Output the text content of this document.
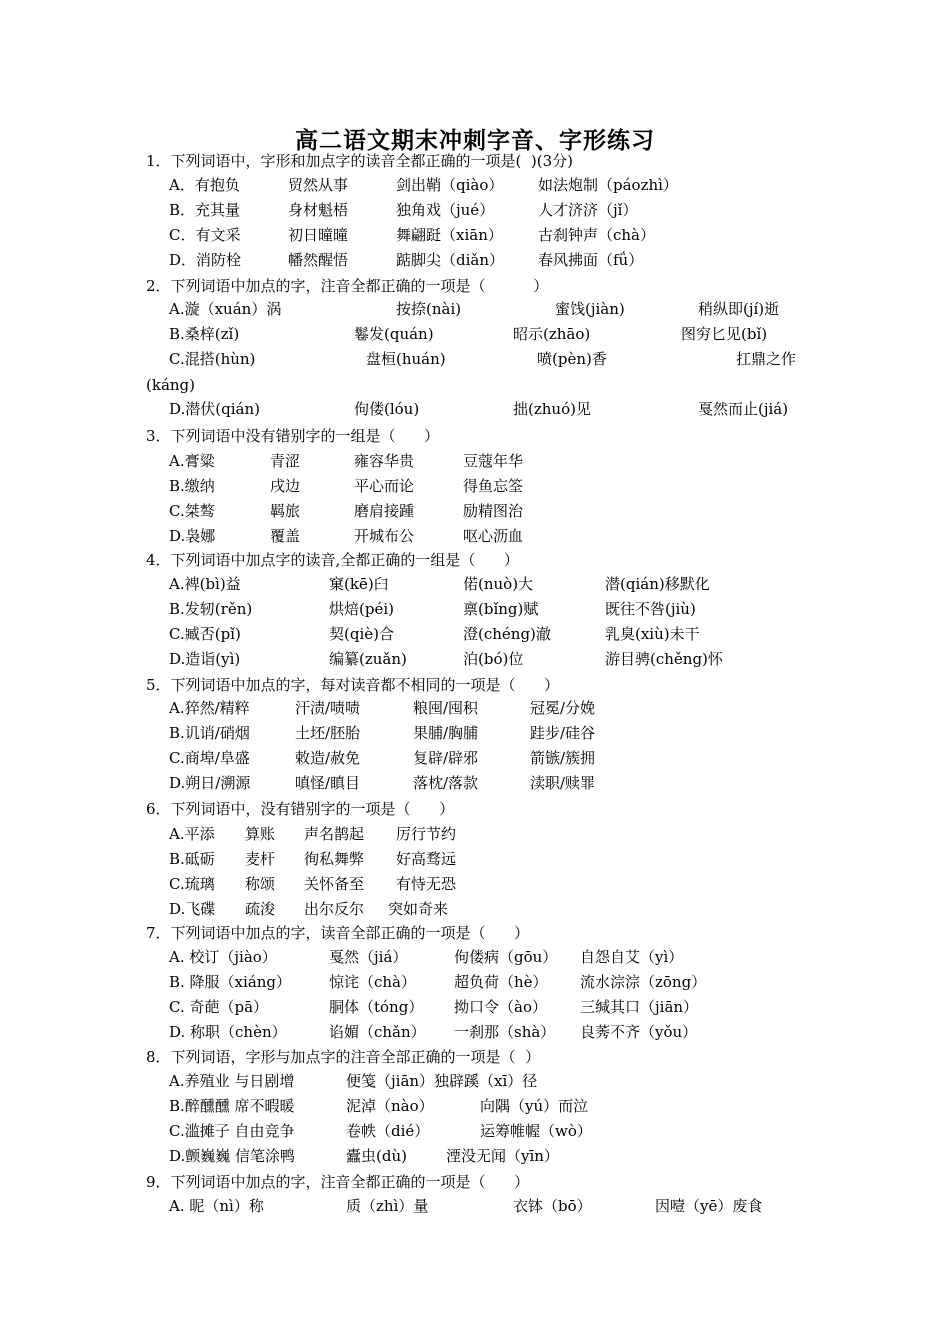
高二语文期末冲刺字音、字形练习
1．下列词语中，字形和加点字的读音全都正确的一项是(  )(3分)
A．有抱负	贸然从事	剑出鞘（qiào） 如法炮制（páozhì）
B．充其量	身材魁梧	独角戏（jué）	人才济济（jǐ）
C．有文采	初日曈曈	舞翩跹（xiān） 古刹钟声（chà）
D．消防栓	幡然醒悟	踮脚尖（diǎn） 春风拂面（fǘ）
2．下列词语中加点的字，注音全都正确的一项是（          ）
A.漩（xuán）涡	按捺(nài)	蜜饯(jiàn)	稍纵即(jí)逝
B.桑梓(zǐ)	鬈发(quán)	昭示(zhāo)	图穷匕见(bǐ)
C.混搭(hùn)	盘桓(huán)	喷(pèn)香	扛鼎之作
(káng)
D.潜伏(qián)	佝偻(lóu)	拙(zhuó)见	戛然而止(jiá)
3．下列词语中没有错别字的一组是（      ）
A.膏粱	青涩	雍容华贵	豆蔻年华
B.缴纳	戌边	平心而论	得鱼忘筌
C.桀骜	羁旅	磨肩接踵	励精图治
D.袅娜	覆盖	开城布公	呕心沥血
4．下列词语中加点字的读音,全都正确的一组是（      ）
A.裨(bì)益	窠(kē)臼	偌(nuò)大	潜(qián)移默化
B.发轫(rěn)	烘焙(péi)	禀(bǐng)赋	既往不咎(jiù)
C.臧否(pǐ)	契(qiè)合	澄(chéng)澈	乳臭(xiù)未干
D.造诣(yì)	编纂(zuǎn)	泊(bó)位	游目骋(chěng)怀
5．下列词语中加点的字，每对读音都不相同的一项是（      ）
A.猝然/精粹	汗渍/啧啧	粮囤/囤积	冠冕/分娩
B.讥诮/硝烟	土坯/胚胎	果脯/胸脯	跬步/硅谷
C.商埠/阜盛	敕造/赦免	复辟/辟邪	箭镞/簇拥
D.朔日/溯源	嗔怪/瞋目	落枕/落款	渎职/赎罪
6．下列词语中，没有错别字的一项是（      ）
A.平添 算账 声名鹊起 厉行节约
B.砥砺 麦杆 徇私舞弊 好高骛远
C.琉璃 称颂 关怀备至 有恃无恐
D.飞碟 疏浚 出尔反尔 突如奇来
7．下列词语中加点的字，读音全部正确的一项是（      ）
A. 校订（jiào）	戛然（jiá）	佝偻病（gōu） 自怨自艾（yì）
B. 降服（xiáng）	惊诧（chà）	超负荷（hè） 流水淙淙（zōng）
C. 奇葩（pā）	胴体（tóng） 拗口令（ào） 三缄其口（jiān）
D. 称职（chèn）	谄媚（chǎn） 一刹那（shà） 良莠不齐（yǒu）
8．下列词语，字形与加点字的注音全部正确的一项是（  ）
A.养殖业 与日剧增	便笺（jiān）独辟蹊（xī）径
B.醉醺醺 席不暇暖	泥淖（nào）	向隅（yú）而泣
C.滥摊子 自由竞争	卷帙（dié）	运筹帷幄（wò）
D.颤巍巍 信笔涂鸭	蠹虫(dù)	湮没无闻（yīn）
9．下列词语中加点的字，注音全都正确的一项是（      ）
A. 昵（nì）称	质（zhì）量	衣钵（bō）	因噎（yē）废食
